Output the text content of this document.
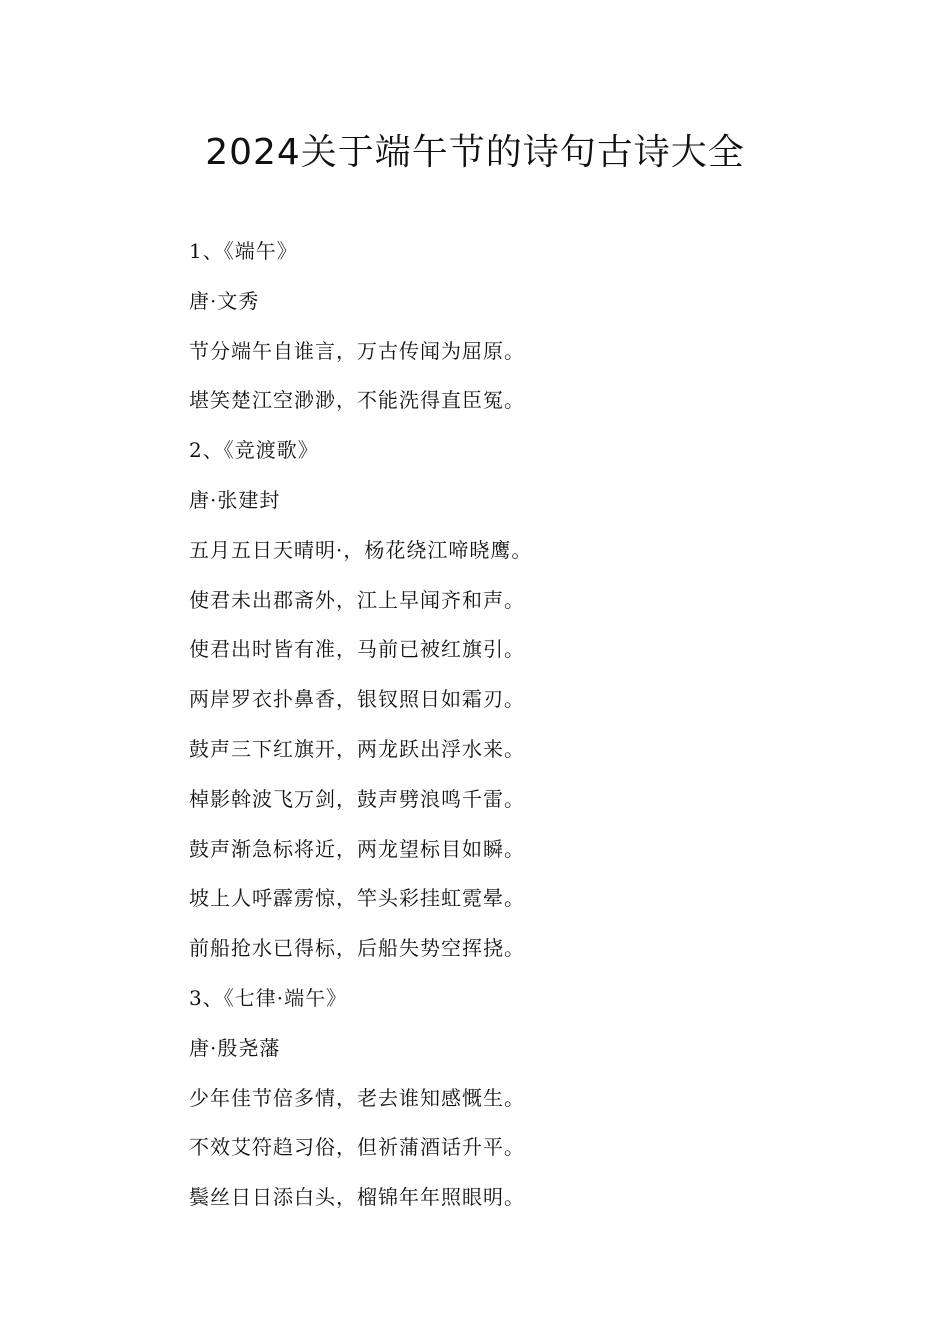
2024关于端午节的诗句古诗大全
1、《端午》
唐·文秀
节分端午自谁言，万古传闻为屈原。
堪笑楚江空渺渺，不能洗得直臣冤。
2、《竞渡歌》
唐·张建封
五月五日天晴明·，杨花绕江啼晓鹰。
使君未出郡斋外，江上早闻齐和声。
使君出时皆有准，马前已被红旗引。
两岸罗衣扑鼻香，银钗照日如霜刃。
鼓声三下红旗开，两龙跃出浮水来。
棹影斡波飞万剑，鼓声劈浪鸣千雷。
鼓声渐急标将近，两龙望标目如瞬。
坡上人呼霹雳惊，竿头彩挂虹霓晕。
前船抢水已得标，后船失势空挥挠。
3、《七律·端午》
唐·殷尧藩
少年佳节倍多情，老去谁知感慨生。
不效艾符趋习俗，但祈蒲酒话升平。
鬓丝日日添白头，榴锦年年照眼明。
